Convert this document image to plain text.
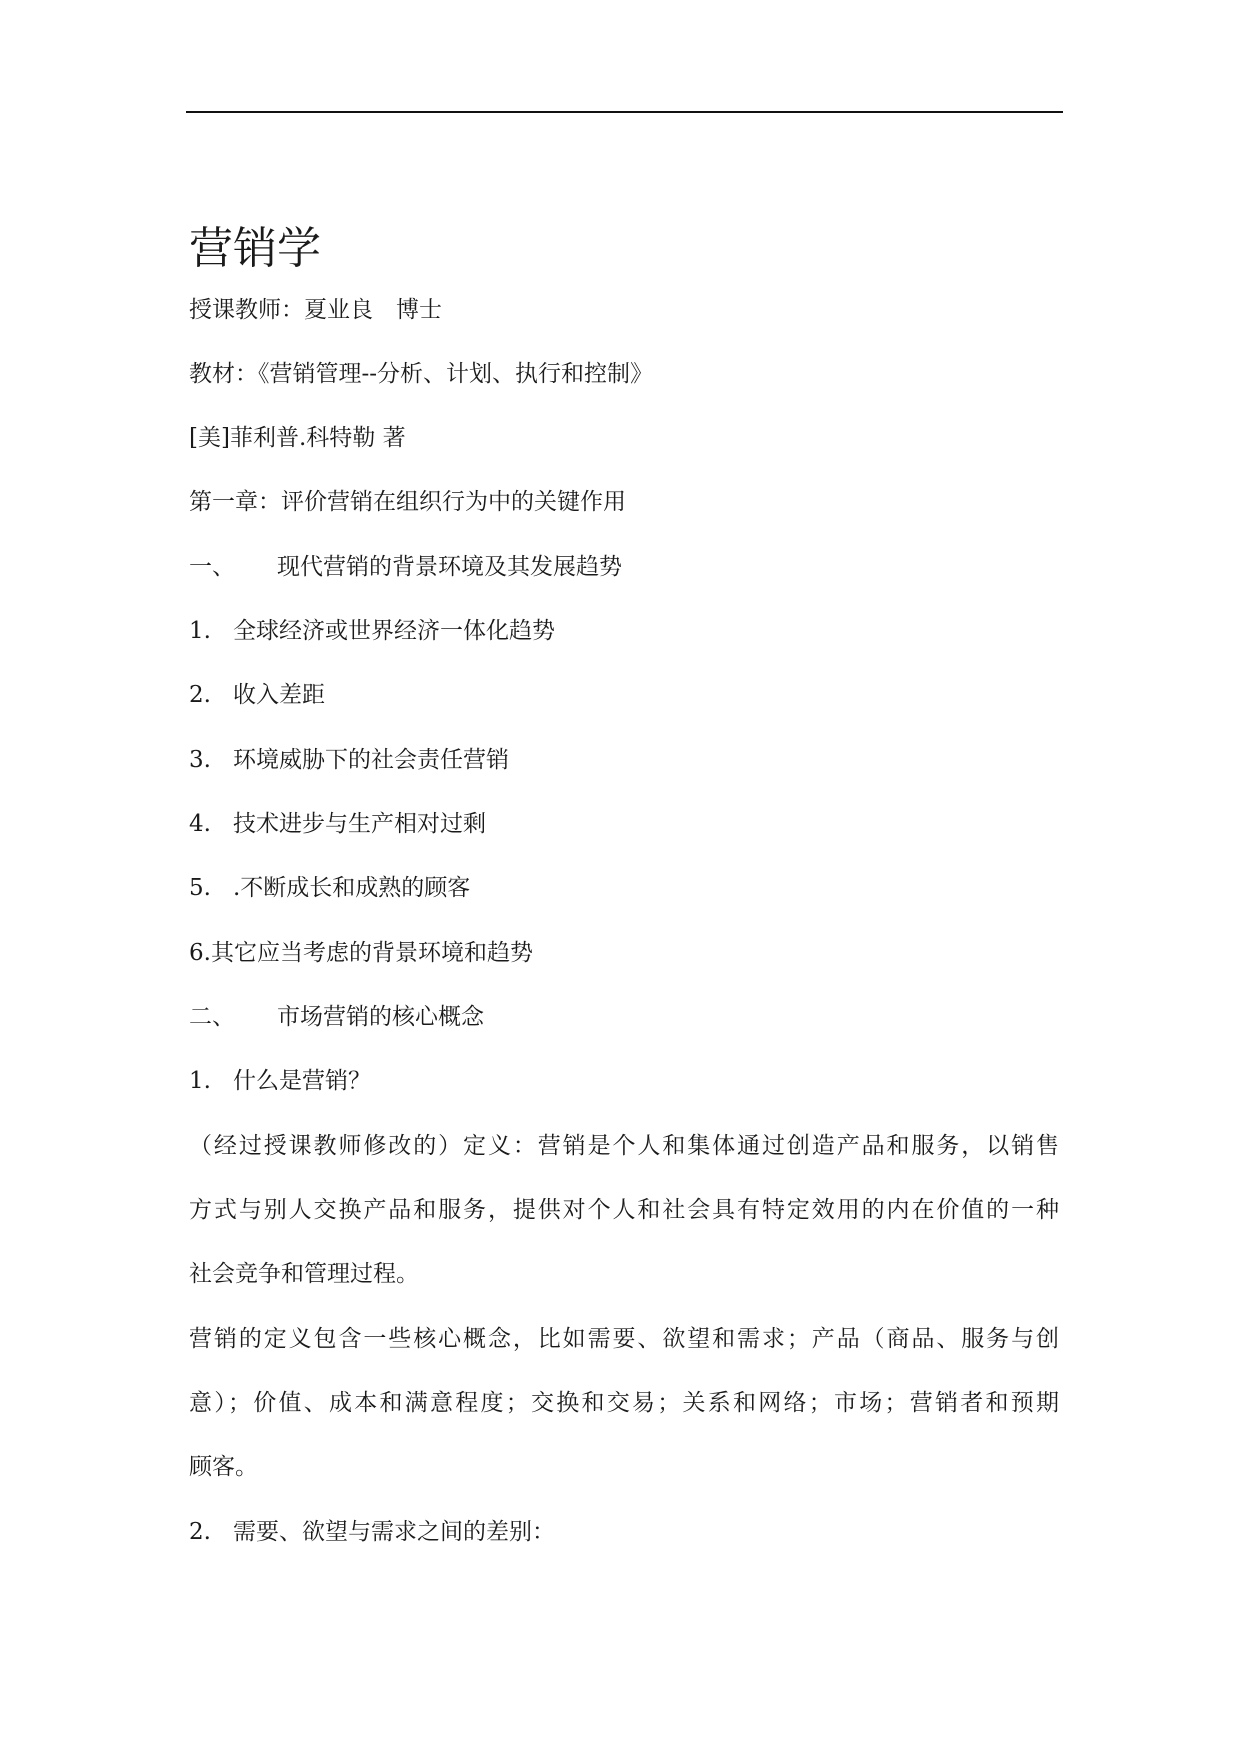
营销学
授课教师：夏业良　博士
教材：《营销管理--分析、计划、执行和控制》
[美]菲利普.科特勒 著
第一章：评价营销在组织行为中的关键作用
一、 现代营销的背景环境及其发展趋势
1. 全球经济或世界经济一体化趋势
2. 收入差距
3. 环境威胁下的社会责任营销
4. 技术进步与生产相对过剩
5. .不断成长和成熟的顾客
6.其它应当考虑的背景环境和趋势
二、 市场营销的核心概念
1. 什么是营销？
（经过授课教师修改的）定义：营销是个人和集体通过创造产品和服务，以销售
方式与别人交换产品和服务，提供对个人和社会具有特定效用的内在价值的一种
社会竞争和管理过程。
营销的定义包含一些核心概念，比如需要、欲望和需求；产品（商品、服务与创
意）；价值、成本和满意程度；交换和交易；关系和网络；市场；营销者和预期
顾客。
2. 需要、欲望与需求之间的差别：
